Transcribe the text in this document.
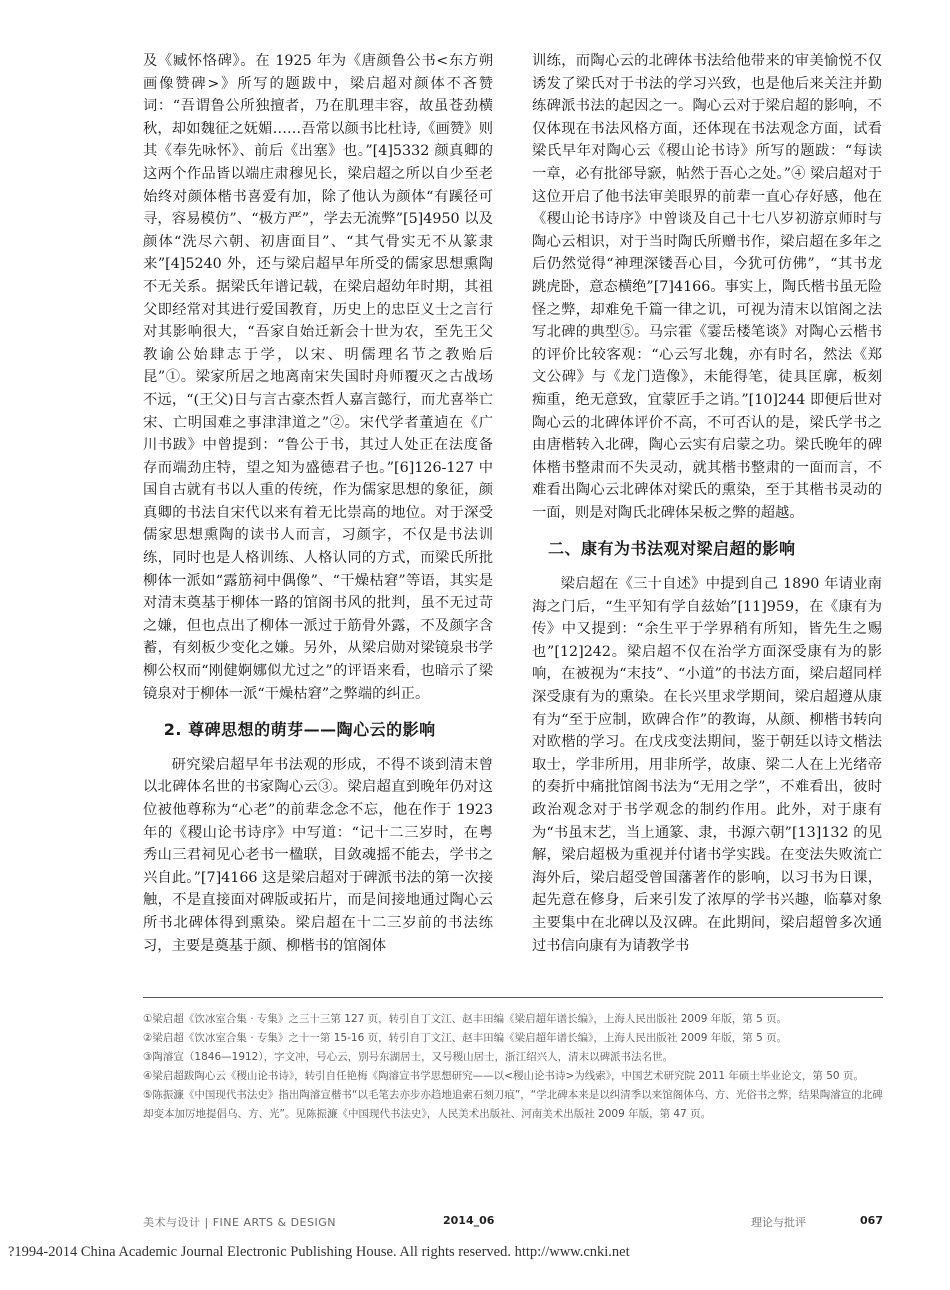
及《臧怀恪碑》。在 1925 年为《唐颜鲁公书<东方朔画像赞碑>》所写的题跋中，梁启超对颜体不吝赞词：“吾谓鲁公所独擅者，乃在肌理丰容，故虽苍劲横秋，却如魏征之妩媚……吾常以颜书比杜诗,《画赞》则其《奉先咏怀》、前后《出塞》也。”[4]5332 颜真卿的这两个作品皆以端庄肃穆见长，梁启超之所以自少至老始终对颜体楷书喜爱有加，除了他认为颜体“有蹊径可寻，容易模仿”、“极方严”，学去无流弊”[5]4950 以及颜体“洗尽六朝、初唐面目”、“其气骨实无不从篆隶来”[4]5240 外，还与梁启超早年所受的儒家思想熏陶不无关系。据梁氏年谱记载，在梁启超幼年时期，其祖父即经常对其进行爱国教育，历史上的忠臣义士之言行对其影响很大，“吾家自始迁新会十世为农，至先王父教谕公始肆志于学，以宋、明儒理名节之教贻后昆”①。梁家所居之地离南宋失国时舟师覆灭之古战场不远，“(王父)日与言古豪杰哲人嘉言懿行，而尤喜举亡宋、亡明国难之事津津道之”②。宋代学者董逌在《广川书跋》中曾提到：“鲁公于书，其过人处正在法度备存而端劲庄特，望之知为盛德君子也。”[6]126-127 中国自古就有书以人重的传统，作为儒家思想的象征，颜真卿的书法自宋代以来有着无比崇高的地位。对于深受儒家思想熏陶的读书人而言，习颜字，不仅是书法训练，同时也是人格训练、人格认同的方式，而梁氏所批柳体一派如“露筋祠中偶像”、“干燥枯窘”等语，其实是对清末奠基于柳体一路的馆阁书风的批判，虽不无过苛之嫌，但也点出了柳体一派过于筋骨外露，不及颜字含蓄，有刻板少变化之嫌。另外，从梁启勋对梁镜泉书学柳公权而“刚健婀娜似尤过之”的评语来看，也暗示了梁镜泉对于柳体一派“干燥枯窘”之弊端的纠正。

2. 尊碑思想的萌芽——陶心云的影响

研究梁启超早年书法观的形成，不得不谈到清末曾以北碑体名世的书家陶心云③。梁启超直到晚年仍对这位被他尊称为“心老”的前辈念念不忘，他在作于 1923 年的《稷山论书诗序》中写道：“记十二三岁时，在粤秀山三君祠见心老书一楹联，目敛魂摇不能去，学书之兴自此。”[7]4166 这是梁启超对于碑派书法的第一次接触，不是直接面对碑版或拓片，而是间接地通过陶心云所书北碑体得到熏染。梁启超在十二三岁前的书法练习，主要是奠基于颜、柳楷书的馆阁体

训练，而陶心云的北碑体书法给他带来的审美愉悦不仅诱发了梁氏对于书法的学习兴致，也是他后来关注并勤练碑派书法的起因之一。陶心云对于梁启超的影响，不仅体现在书法风格方面，还体现在书法观念方面，试看梁氏早年对陶心云《稷山论书诗》所写的题跋：“每读一章，必有批郤导窾，帖然于吾心之处。”④ 梁启超对于这位开启了他书法审美眼界的前辈一直心存好感，他在《稷山论书诗序》中曾谈及自己十七八岁初游京师时与陶心云相识，对于当时陶氏所赠书作，梁启超在多年之后仍然觉得“神理深镂吾心目，今犹可仿佛”，“其书龙跳虎卧，意态横绝”[7]4166。事实上，陶氏楷书虽无险怪之弊，却难免千篇一律之讥，可视为清末以馆阁之法写北碑的典型⑤。马宗霍《霎岳楼笔谈》对陶心云楷书的评价比较客观：“心云写北魏，亦有时名，然法《郑文公碑》与《龙门造像》，未能得笔，徒具匡廓，板刻痴重，绝无意致，宜蒙匠手之诮。”[10]244 即便后世对陶心云的北碑体评价不高，不可否认的是，梁氏学书之由唐楷转入北碑，陶心云实有启蒙之功。梁氏晚年的碑体楷书整肃而不失灵动，就其楷书整肃的一面而言，不难看出陶心云北碑体对梁氏的熏染，至于其楷书灵动的一面，则是对陶氏北碑体呆板之弊的超越。

二、康有为书法观对梁启超的影响

梁启超在《三十自述》中提到自己 1890 年请业南海之门后，“生平知有学自兹始”[11]959，在《康有为传》中又提到：“余生平于学界稍有所知，皆先生之赐也”[12]242。梁启超不仅在治学方面深受康有为的影响，在被视为“末技”、“小道”的书法方面，梁启超同样深受康有为的熏染。在长兴里求学期间，梁启超遵从康有为“至于应制，欧碑合作”的教诲，从颜、柳楷书转向对欧楷的学习。在戊戌变法期间，鉴于朝廷以诗文楷法取士，学非所用，用非所学，故康、梁二人在上光绪帝的奏折中痛批馆阁书法为“无用之学”，不难看出，彼时政治观念对于书学观念的制约作用。此外，对于康有为“书虽末艺，当上通篆、隶，书源六朝”[13]132 的见解，梁启超极为重视并付诸书学实践。在变法失败流亡海外后，梁启超受曾国藩著作的影响，以习书为日课，起先意在修身，后来引发了浓厚的学书兴趣，临摹对象主要集中在北碑以及汉碑。在此期间，梁启超曾多次通过书信向康有为请教学书

①梁启超《饮冰室合集 · 专集》之三十三第 127 页，转引自丁文江、赵丰田编《梁启超年谱长编》，上海人民出版社 2009 年版，第 5 页。
②梁启超《饮冰室合集 · 专集》之十一第 15-16 页，转引自丁文江、赵丰田编《梁启超年谱长编》，上海人民出版社 2009 年版，第 5 页。
③陶濬宣（1846—1912），字文冲，号心云，别号东湖居士，又号稷山居士，浙江绍兴人，清末以碑派书法名世。
④梁启超跋陶心云《稷山论书诗》，转引自任艳梅《陶濬宣书学思想研究——以<稷山论书诗>为线索》，中国艺术研究院 2011 年硕士毕业论文，第 50 页。
⑤陈振濂《中国现代书法史》指出陶濬宣楷书“以毛笔去亦步亦趋地追索石刻刀痕”，“学北碑本来是以纠清季以来馆阁体乌、方、光俗书之弊，结果陶濬宣的北碑却变本加厉地提倡乌、方、光”。见陈振濂《中国现代书法史》，人民美术出版社、河南美术出版社 2009 年版，第 47 页。
美术与设计 | FINE ARTS & DESIGN	2014_06	理论与批评	067
?1994-2014 China Academic Journal Electronic Publishing House. All rights reserved. http://www.cnki.net
